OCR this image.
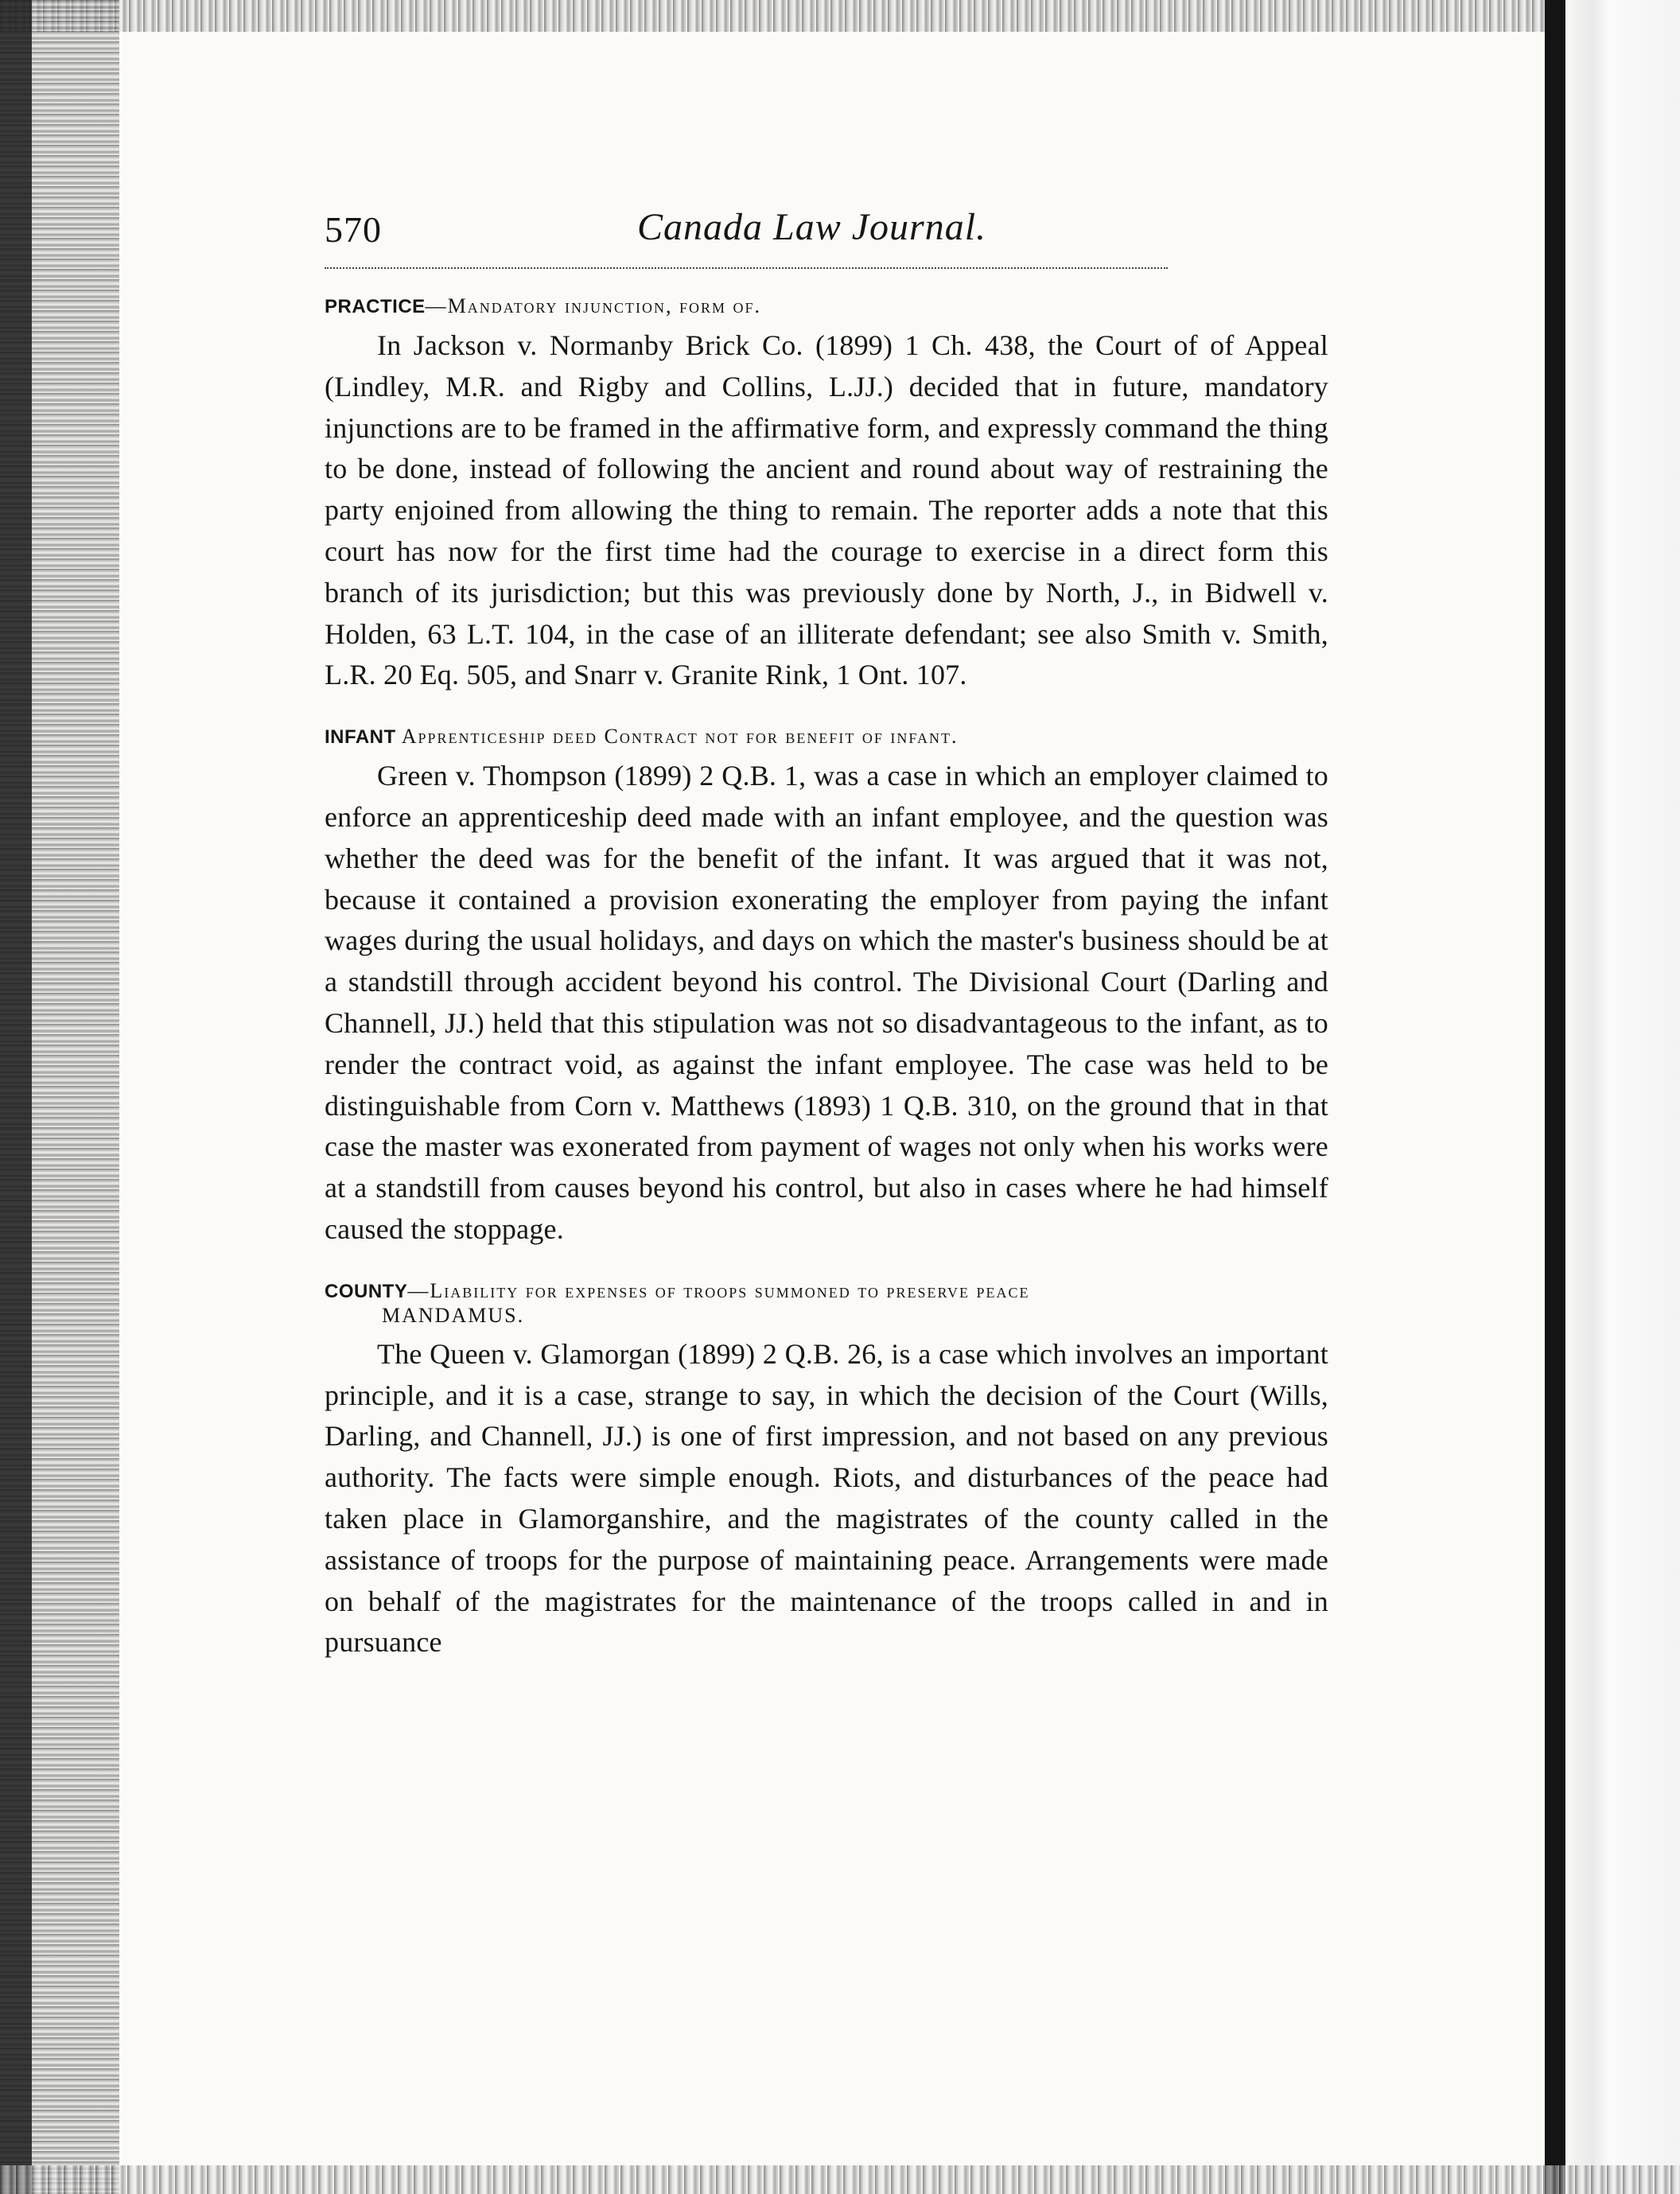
570	Canada Law Journal.
PRACTICE—Mandatory injunction, form of.

In Jackson v. Normanby Brick Co. (1899) 1 Ch. 438, the Court of of Appeal (Lindley, M.R. and Rigby and Collins, L.JJ.) decided that in future, mandatory injunctions are to be framed in the affirmative form, and expressly command the thing to be done, instead of following the ancient and round about way of restraining the party enjoined from allowing the thing to remain. The reporter adds a note that this court has now for the first time had the courage to exercise in a direct form this branch of its jurisdiction; but this was previously done by North, J., in Bidwell v. Holden, 63 L.T. 104, in the case of an illiterate defendant; see also Smith v. Smith, L.R. 20 Eq. 505, and Snarr v. Granite Rink, 1 Ont. 107.

INFANT Apprenticeship deed Contract not for benefit of infant.

Green v. Thompson (1899) 2 Q.B. 1, was a case in which an employer claimed to enforce an apprenticeship deed made with an infant employee, and the question was whether the deed was for the benefit of the infant. It was argued that it was not, because it contained a provision exonerating the employer from paying the infant wages during the usual holidays, and days on which the master's business should be at a standstill through accident beyond his control. The Divisional Court (Darling and Channell, JJ.) held that this stipulation was not so disadvantageous to the infant, as to render the contract void, as against the infant employee. The case was held to be distinguishable from Corn v. Matthews (1893) 1 Q.B. 310, on the ground that in that case the master was exonerated from payment of wages not only when his works were at a standstill from causes beyond his control, but also in cases where he had himself caused the stoppage.

COUNTY—Liability for expenses of troops summoned to preserve peace
MANDAMUS.

The Queen v. Glamorgan (1899) 2 Q.B. 26, is a case which involves an important principle, and it is a case, strange to say, in which the decision of the Court (Wills, Darling, and Channell, JJ.) is one of first impression, and not based on any previous authority. The facts were simple enough. Riots, and disturbances of the peace had taken place in Glamorganshire, and the magistrates of the county called in the assistance of troops for the purpose of maintaining peace. Arrangements were made on behalf of the magistrates for the maintenance of the troops called in and in pursuance
